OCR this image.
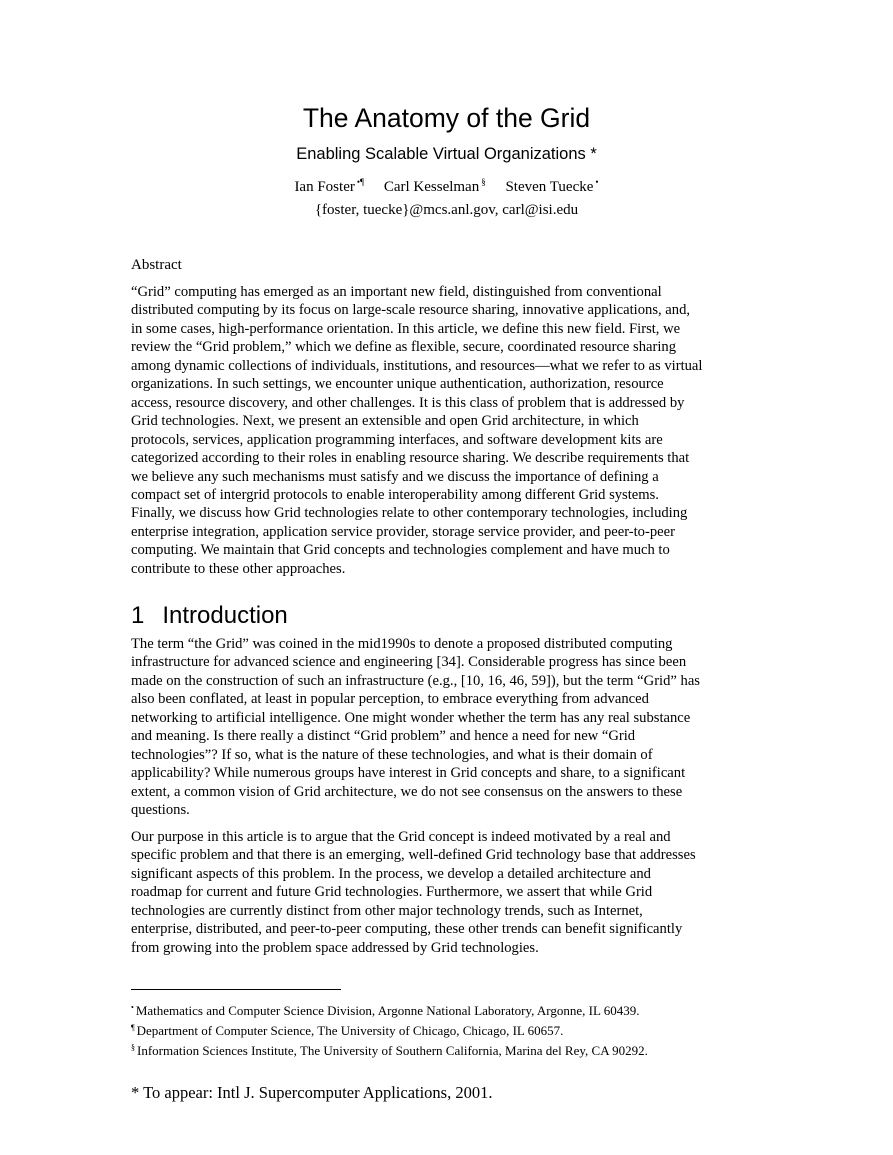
The Anatomy of the Grid
Enabling Scalable Virtual Organizations *
Ian Foster •¶ Carl Kesselman § Steven Tuecke •
{foster, tuecke}@mcs.anl.gov, carl@isi.edu
Abstract
“Grid” computing has emerged as an important new field, distinguished from conventional
distributed computing by its focus on large-scale resource sharing, innovative applications, and,
in some cases, high-performance orientation. In this article, we define this new field. First, we
review the “Grid problem,” which we define as flexible, secure, coordinated resource sharing
among dynamic collections of individuals, institutions, and resources—what we refer to as virtual
organizations. In such settings, we encounter unique authentication, authorization, resource
access, resource discovery, and other challenges. It is this class of problem that is addressed by
Grid technologies. Next, we present an extensible and open Grid architecture, in which
protocols, services, application programming interfaces, and software development kits are
categorized according to their roles in enabling resource sharing. We describe requirements that
we believe any such mechanisms must satisfy and we discuss the importance of defining a
compact set of intergrid protocols to enable interoperability among different Grid systems.
Finally, we discuss how Grid technologies relate to other contemporary technologies, including
enterprise integration, application service provider, storage service provider, and peer-to-peer
computing. We maintain that Grid concepts and technologies complement and have much to
contribute to these other approaches.
1 Introduction
The term “the Grid” was coined in the mid1990s to denote a proposed distributed computing
infrastructure for advanced science and engineering [34]. Considerable progress has since been
made on the construction of such an infrastructure (e.g., [10, 16, 46, 59]), but the term “Grid” has
also been conflated, at least in popular perception, to embrace everything from advanced
networking to artificial intelligence. One might wonder whether the term has any real substance
and meaning. Is there really a distinct “Grid problem” and hence a need for new “Grid
technologies”? If so, what is the nature of these technologies, and what is their domain of
applicability? While numerous groups have interest in Grid concepts and share, to a significant
extent, a common vision of Grid architecture, we do not see consensus on the answers to these
questions.
Our purpose in this article is to argue that the Grid concept is indeed motivated by a real and
specific problem and that there is an emerging, well-defined Grid technology base that addresses
significant aspects of this problem. In the process, we develop a detailed architecture and
roadmap for current and future Grid technologies. Furthermore, we assert that while Grid
technologies are currently distinct from other major technology trends, such as Internet,
enterprise, distributed, and peer-to-peer computing, these other trends can benefit significantly
from growing into the problem space addressed by Grid technologies.
• Mathematics and Computer Science Division, Argonne National Laboratory, Argonne, IL 60439.
¶ Department of Computer Science, The University of Chicago, Chicago, IL 60657.
§ Information Sciences Institute, The University of Southern California, Marina del Rey, CA 90292.
* To appear: Intl J. Supercomputer Applications, 2001.
